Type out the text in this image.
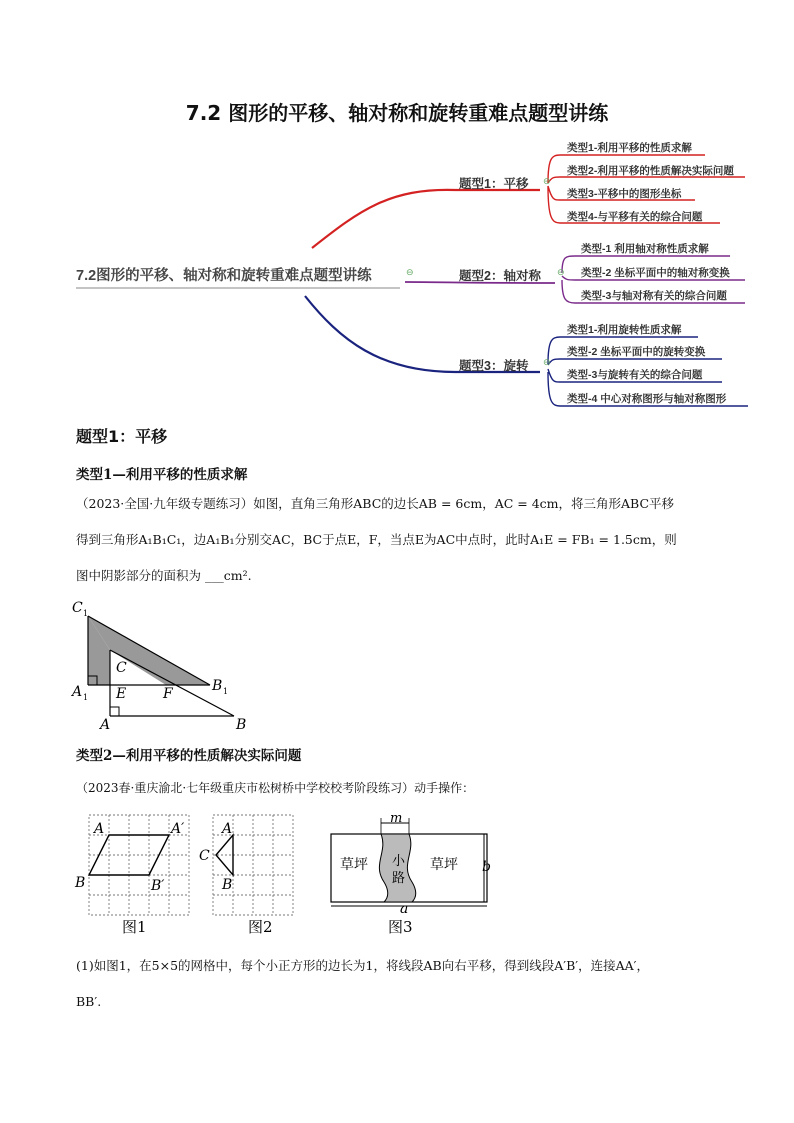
7.2 图形的平移、轴对称和旋转重难点题型讲练
7.2图形的平移、轴对称和旋转重难点题型讲练	⊖
题型1：平移 ⊖
类型1-利用平移的性质求解
类型2-利用平移的性质解决实际问题
类型3-平移中的图形坐标
类型4-与平移有关的综合问题
题型2：轴对称 ⊖
类型-1 利用轴对称性质求解
类型-2 坐标平面中的轴对称变换
类型-3与轴对称有关的综合问题
题型3：旋转 ⊖
类型1-利用旋转性质求解
类型-2 坐标平面中的旋转变换
类型-3与旋转有关的综合问题
类型-4 中心对称图形与轴对称图形
题型1：平移
类型1—利用平移的性质求解
（2023·全国·九年级专题练习）如图，直角三角形ABC的边长AB = 6cm，AC = 4cm，将三角形ABC平移
得到三角形A₁B₁C₁，边A₁B₁分别交AC，BC于点E，F，当点E为AC中点时，此时A₁E = FB₁ = 1.5cm，则
图中阴影部分的面积为 ___cm².
C 1
C
A 1 E	F	B 1
A	B
类型2—利用平移的性质解决实际问题
（2023春·重庆渝北·七年级重庆市松树桥中学校校考阶段练习）动手操作：
A	A′
B	B′
图1
A
C
B
图2
m
b
a
草坪 小
路
草坪
图3
(1)如图1，在5×5的网格中，每个小正方形的边长为1，将线段AB向右平移，得到线段A′B′，连接AA′，
BB′.
